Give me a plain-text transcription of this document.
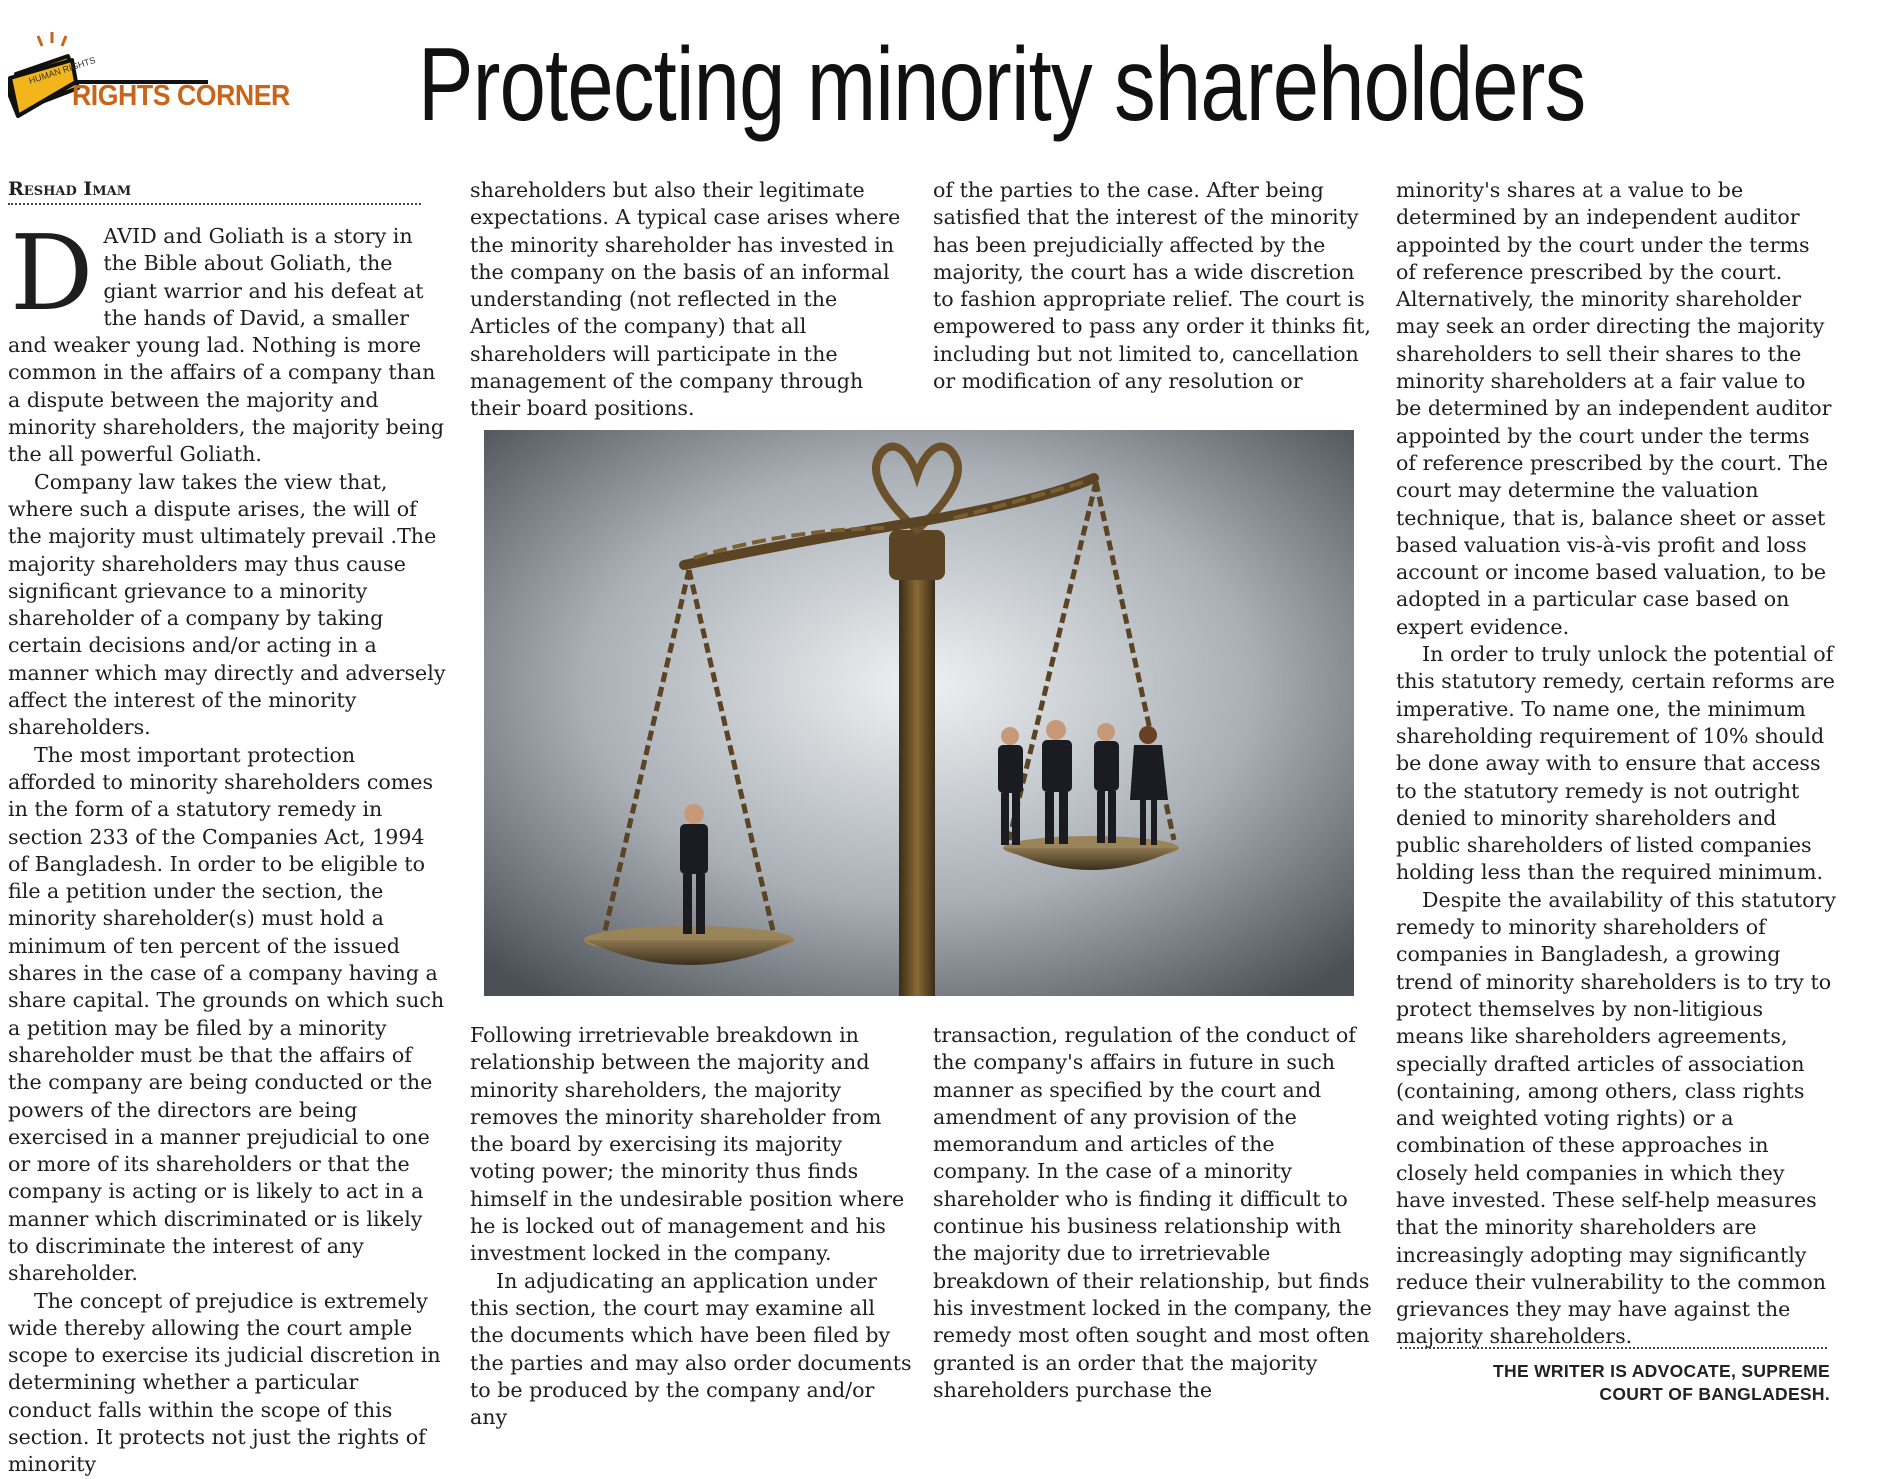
HUMAN RIGHTS
RIGHTS CORNER Protecting minority shareholders
Reshad Imam

DAVID and Goliath is a story in the Bible about Goliath, the giant warrior and his defeat at the hands of David, a smaller and weaker young lad. Nothing is more common in the affairs of a company than a dispute between the majority and minority shareholders, the majority being the all powerful Goliath.

Company law takes the view that, where such a dispute arises, the will of the majority must ultimately prevail .The majority shareholders may thus cause significant grievance to a minority shareholder of a company by taking certain decisions and/or acting in a manner which may directly and adversely affect the interest of the minority shareholders.

The most important protection afforded to minority shareholders comes in the form of a statutory remedy in section 233 of the Companies Act, 1994 of Bangladesh. In order to be eligible to file a petition under the section, the minority shareholder(s) must hold a minimum of ten percent of the issued shares in the case of a company having a share capital. The grounds on which such a petition may be filed by a minority shareholder must be that the affairs of the company are being conducted or the powers of the directors are being exercised in a manner prejudicial to one or more of its shareholders or that the company is acting or is likely to act in a manner which discriminated or is likely to discriminate the interest of any shareholder.

The concept of prejudice is extremely wide thereby allowing the court ample scope to exercise its judicial discretion in determining whether a particular conduct falls within the scope of this section. It protects not just the rights of minority

shareholders but also their legitimate expectations. A typical case arises where the minority shareholder has invested in the company on the basis of an informal understanding (not reflected in the Articles of the company) that all shareholders will participate in the management of the company through their board positions.

of the parties to the case. After being satisfied that the interest of the minority has been prejudicially affected by the majority, the court has a wide discretion to fashion appropriate relief. The court is empowered to pass any order it thinks fit, including but not limited to, cancellation or modification of any resolution or

Following irretrievable breakdown in relationship between the majority and minority shareholders, the majority removes the minority shareholder from the board by exercising its majority voting power; the minority thus finds himself in the undesirable position where he is locked out of management and his investment locked in the company.

In adjudicating an application under this section, the court may examine all the documents which have been filed by the parties and may also order documents to be produced by the company and/or any

transaction, regulation of the conduct of the company's affairs in future in such manner as specified by the court and amendment of any provision of the memorandum and articles of the company. In the case of a minority shareholder who is finding it difficult to continue his business relationship with the majority due to irretrievable breakdown of their relationship, but finds his investment locked in the company, the remedy most often sought and most often granted is an order that the majority shareholders purchase the

minority's shares at a value to be determined by an independent auditor appointed by the court under the terms of reference prescribed by the court. Alternatively, the minority shareholder may seek an order directing the majority shareholders to sell their shares to the minority shareholders at a fair value to be determined by an independent auditor appointed by the court under the terms of reference prescribed by the court. The court may determine the valuation technique, that is, balance sheet or asset based valuation vis-à-vis profit and loss account or income based valuation, to be adopted in a particular case based on expert evidence.

In order to truly unlock the potential of this statutory remedy, certain reforms are imperative. To name one, the minimum shareholding requirement of 10% should be done away with to ensure that access to the statutory remedy is not outright denied to minority shareholders and public shareholders of listed companies holding less than the required minimum.

Despite the availability of this statutory remedy to minority shareholders of companies in Bangladesh, a growing trend of minority shareholders is to try to protect themselves by non-litigious means like shareholders agreements, specially drafted articles of association (containing, among others, class rights and weighted voting rights) or a combination of these approaches in closely held companies in which they have invested. These self-help measures that the minority shareholders are increasingly adopting may significantly reduce their vulnerability to the common grievances they may have against the majority shareholders.

THE WRITER IS ADVOCATE, SUPREME
COURT OF BANGLADESH.
